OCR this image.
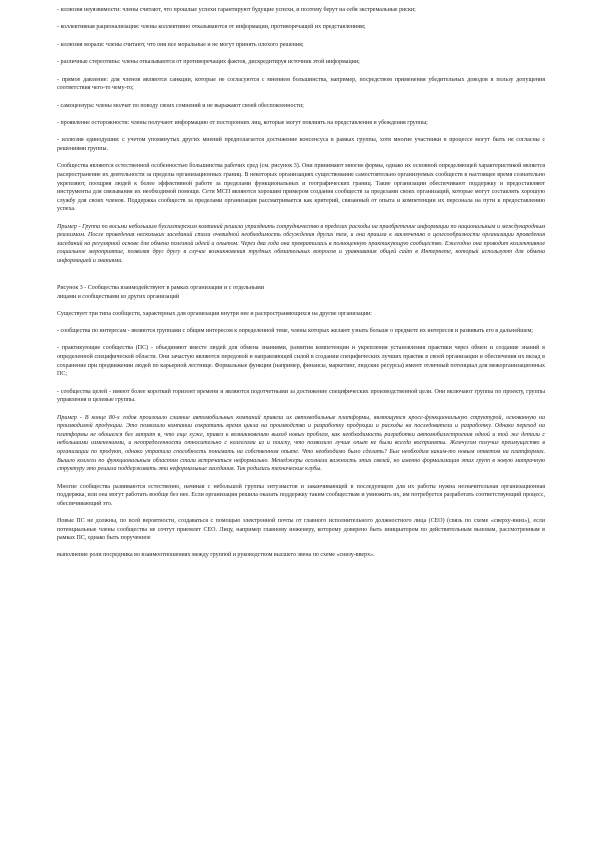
- иллюзия неуязвимости: члены считают, что прошлые успехи гарантируют будущие успехи, и поэтому берут на себя экстремальные риски;
- коллективная рационализация: члены коллективно отказываются от информации, противоречащей их представлениям;
- иллюзия морали: члены считают, что они все моральные и не могут принять плохого решения;
- различные стереотипы: члены отказываются от противоречащих фактов, дискредитируя источник этой информации;
- прямое давление: для членов являются санкции, которые не согласуются с мнением большинства, например, посредством применения убедительных доводов в пользу допущения соответствия чего-то чему-то;
- самоцензура: члены молчат по поводу своих сомнений и не выражают своей обеспокоенности;
- проявление осторожности: члены получают информацию от посторонних лиц, которые могут повлиять на представления и убеждения группы;
- иллюзия единодушия: с учетом упомянутых других мнений предполагается достижение консенсуса в рамках группы, хотя многие участники в процессе могут быть не согласны с решениями группы.
Сообщества являются естественной особенностью большинства рабочих сред (см. рисунок 3). Они принимают многие формы, однако их основной определяющей характеристикой является распространение их деятельности за пределы организационных границ. В некоторых организациях существование самостоятельно организуемых сообществ в настоящее время сознательно укрепляют, поощряя людей к более эффективной работе за пределами функциональных и географических границ. Такие организации обеспечивают поддержку и предоставляют инструменты для связывания их необходимой помощи. Сети МСП являются хорошим примером создания сообществ за пределами своих организаций, которые могут составлять хорошую службу для своих членов. Поддержка сообществ за пределами организации рассматривается как критерий, связанный от опыта и компетенции их персонала на пути к предоставлению успеха.
Пример - Группа по восьми небольшим бухгалтерским компаний решила упразднить сотрудничество в пределах расходы на приобретение информации по национальным и международным реализмам. После проведения нескольких заседаний стала очевидной необходимость обсуждения других тем, и она пришла к заключению о целесообразности организации проведения заседаний на регулярной основе для обмена полезной идеей и опытом. Через два года она превратилась в полноценную практикующую сообщество. Ежегодно она проводит коллективное социальное мероприятие, позволяя друг другу в случае возникновения трудных обязательных вопросов и уравнивания общей сайт в Интернете, который используют для обмена информацией и знаниями.
Рисунок 3 - Сообщества взаимодействуют в рамках организации и с отдельными
лицами и сообществами из других организаций
Существует три типа сообществ, характерных для организации внутри нее и распространяющихся на другие организации:
- сообщества по интересам - являются группами с общим интересом к определенной теме, члены которых желают узнать больше о предмете их интересов и развивать его в дальнейшем;
- практикующие сообщества (ПС) - объединяют вместе людей для обмена знаниями, развития компетенции и укрепления установления практики через обмен и создание знаний в определенной специфической области. Они зачастую являются передовой и направляющей силой в создании специфических лучших практик в своей организации и обеспечения их вклад в сохранение при продвижении людей по карьерной лестнице. Формальные функции (например, финансы, маркетинг, людские ресурсы) имеют отличный потенциал для межорганизационных ПС;
- сообщества целей - имеют более короткий горизонт времени и являются подотчетными за достижение специфических производственной цели. Они включают группы по проекту, группы управления и целевые группы.
Пример - В конце 80-х годов произошло слияние автомобильных компаний привели их автомобильные платформы, являющуюся кросс-функциональную структурой, основанную на производимой продукции. Это позволило компании сократить время цикла на производство и разработку продукции и расходы на последователи и разработку. Однако переход на платформы не обошелся без затрат в, что еще хуже, привел к возникновению выход новых проблем, как необходимость разработки автомобилестроения одной и той же детали с небольшими изменениями, и неопределенности относительно с коллегами из и поиску, что позволило лучше опыт не были всегда восприняты. Жемчугом получил преимущество в организации по продукт, однако утратила способность понимать на собственном опыте. Что необходимо было сделать? Был необходим каким-то новым ответом на платформах. Вышло коллеги по функциональным областям стали встречаться неформально. Менеджеры осознали важность этих связей, но именно формализация этих групп в новую матричную структуру это решила поддерживать эти неформальные заседания. Так родились технические клубы.
Многие сообщества развиваются естественно, начиная с небольшой группы энтузиастов и заканчивающей в последующем для их работы нужна незначительная организационная поддержка, или она могут работать вообще без нее. Если организация решила оказать поддержку таким сообществам и умножить их, им потребуется разработать соответствующий процесс, обеспечивающий это.
Новые ПС не должны, по всей вероятности, создаваться с помощью электронной почты от главного исполнительного должностного лица (CEO) (связь по схеме «сверху-вниз»), если потенциальные члены сообщества не сочтут приемлет CEO. Лицу, например главному инженеру, которому доверено быть инициатором по действительным вызовам, рассмотренным в рамках ПС, однако быть порученное
выполнение роли посредника во взаимоотношениях между группой и руководством высшего звена по схеме «снизу-вверх».
